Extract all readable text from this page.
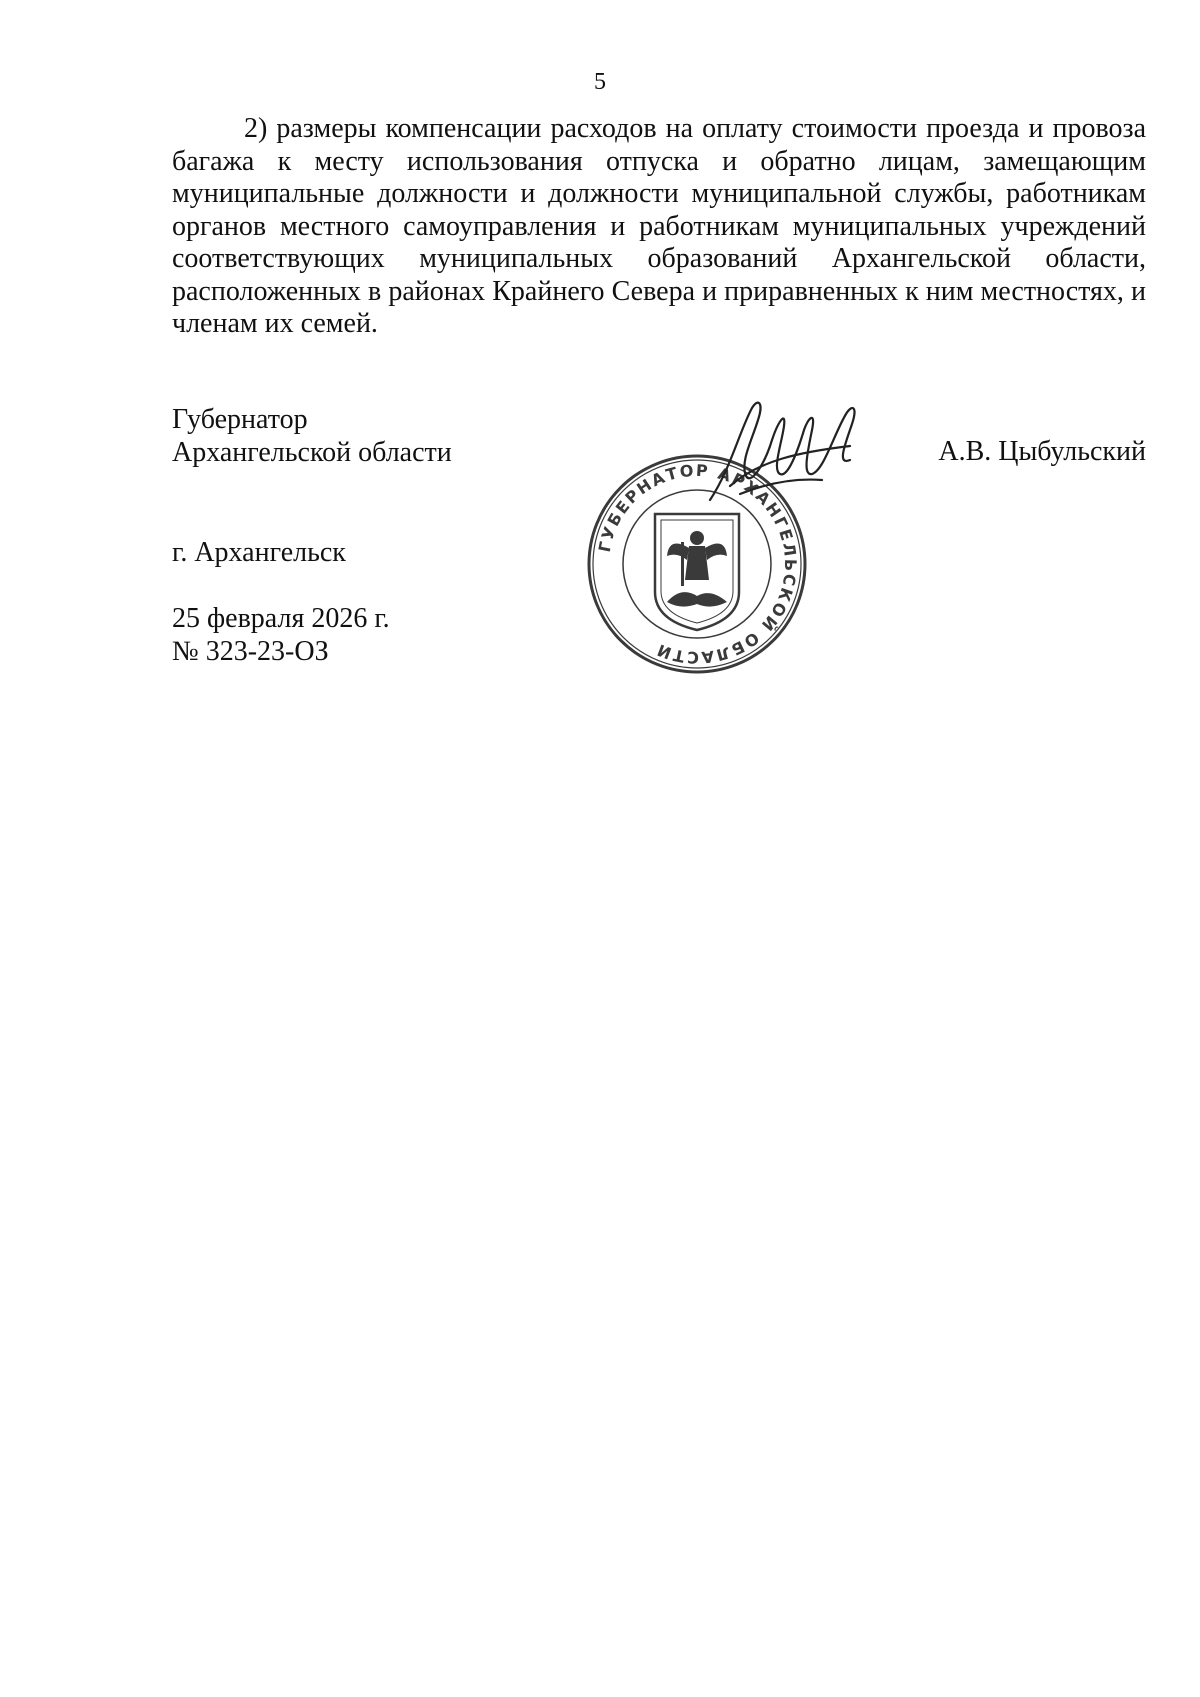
5

2) размеры компенсации расходов на оплату стоимости проезда и провоза багажа к месту использования отпуска и обратно лицам, замещающим муниципальные должности и должности муниципальной службы, работникам органов местного самоуправления и работникам муниципальных учреждений соответствующих муниципальных образований Архангельской области, расположенных в районах Крайнего Севера и приравненных к ним местностях, и членам их семей.

Губернатор
Архангельской области	А.В. Цыбульский
г. Архангельск
25 февраля 2026 г.
№ 323-23-ОЗ
ГУБЕРНАТОР АРХАНГЕЛЬСКОЙ ОБЛАСТИ
